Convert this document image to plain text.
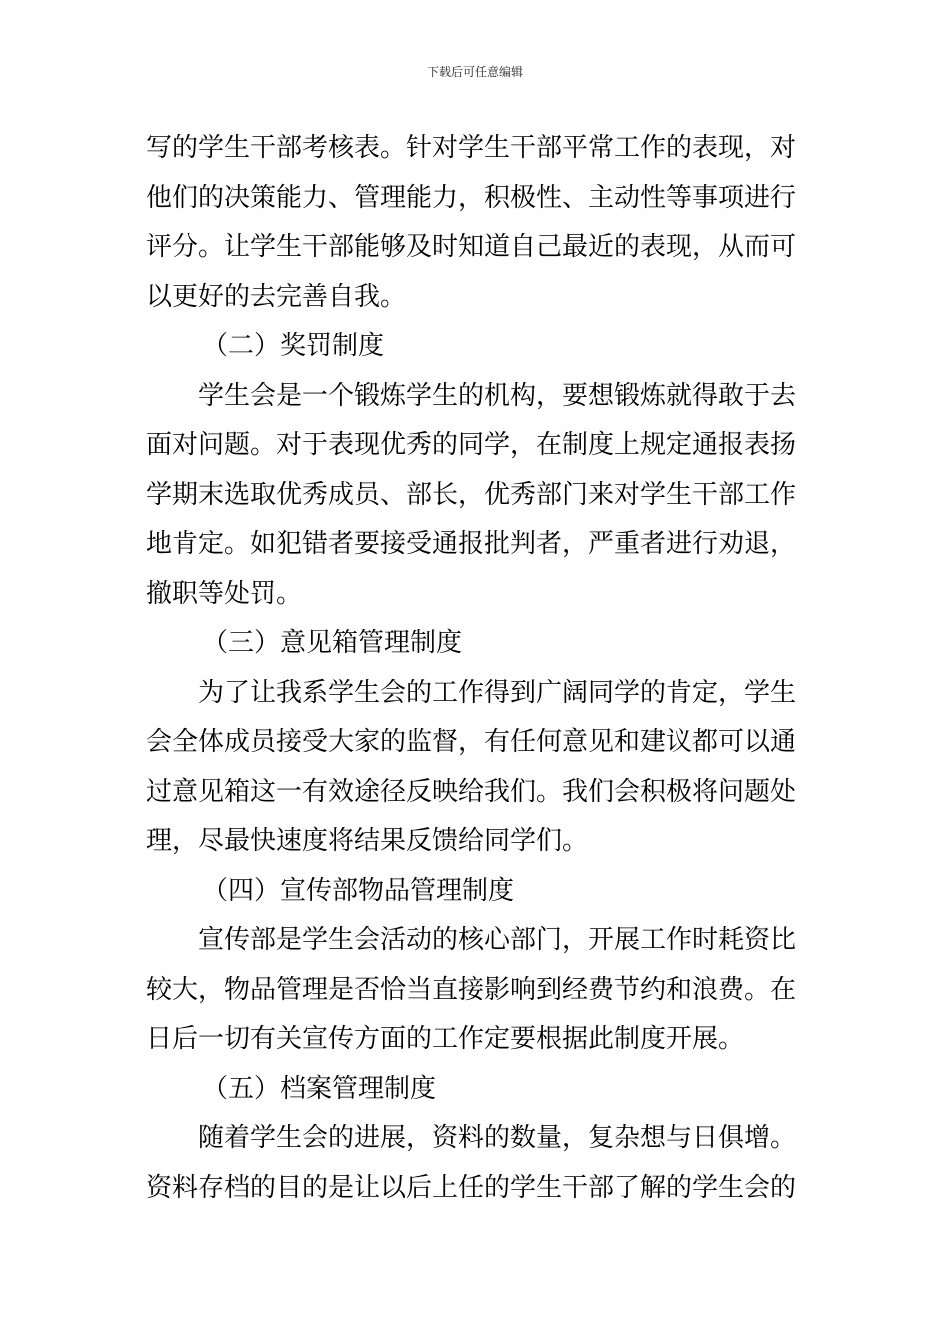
下载后可任意编辑
写的学生干部考核表。针对学生干部平常工作的表现，对
他们的决策能力、管理能力，积极性、主动性等事项进行
评分。让学生干部能够及时知道自己最近的表现，从而可
以更好的去完善自我。
（二）奖罚制度
学生会是一个锻炼学生的机构，要想锻炼就得敢于去
面对问题。对于表现优秀的同学，在制度上规定通报表扬
学期末选取优秀成员、部长，优秀部门来对学生干部工作
地肯定。如犯错者要接受通报批判者，严重者进行劝退，
撤职等处罚。
（三）意见箱管理制度
为了让我系学生会的工作得到广阔同学的肯定，学生
会全体成员接受大家的监督，有任何意见和建议都可以通
过意见箱这一有效途径反映给我们。我们会积极将问题处
理，尽最快速度将结果反馈给同学们。
（四）宣传部物品管理制度
宣传部是学生会活动的核心部门，开展工作时耗资比
较大，物品管理是否恰当直接影响到经费节约和浪费。在
日后一切有关宣传方面的工作定要根据此制度开展。
（五）档案管理制度
随着学生会的进展，资料的数量，复杂想与日俱增。
资料存档的目的是让以后上任的学生干部了解的学生会的
